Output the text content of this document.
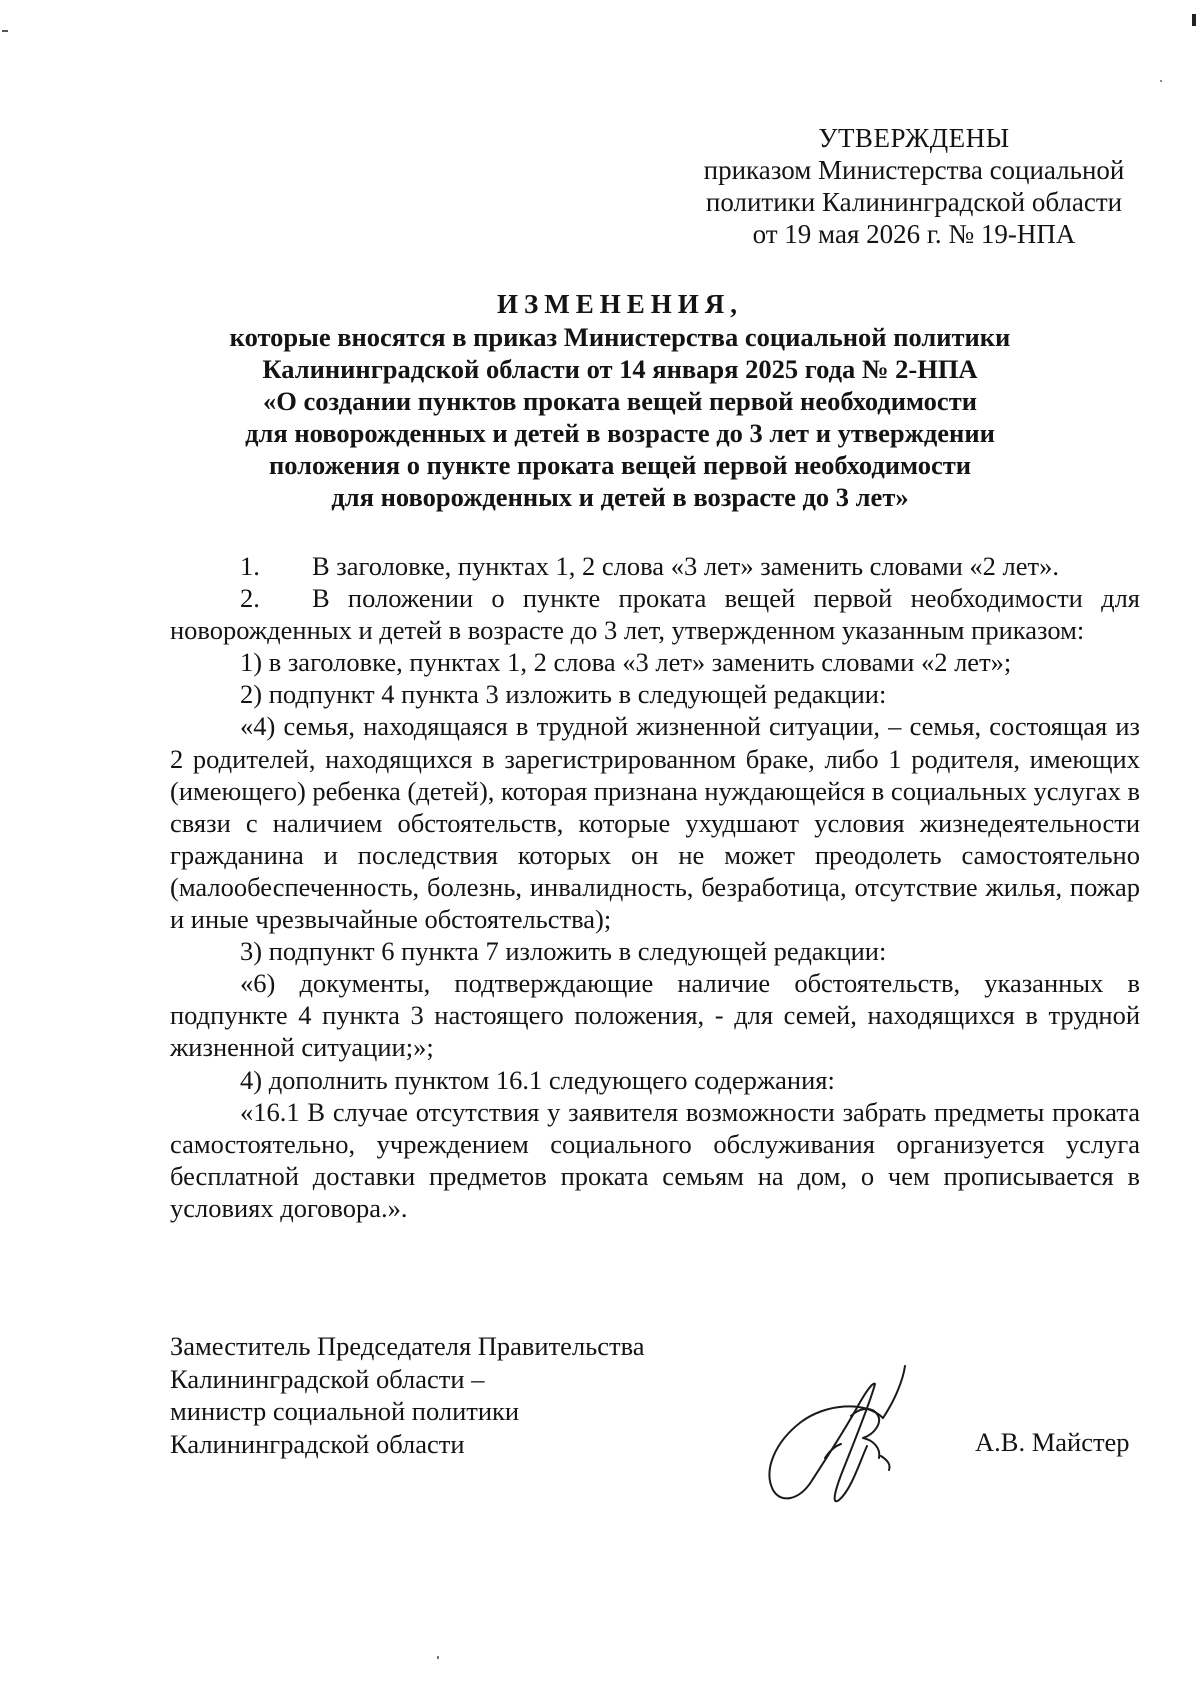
УТВЕРЖДЕНЫ
приказом Министерства социальной
политики Калининградской области
от 19 мая 2026 г. № 19-НПА
ИЗМЕНЕНИЯ,
которые вносятся в приказ Министерства социальной политики
Калининградской области от 14 января 2025 года № 2-НПА
«О создании пунктов проката вещей первой необходимости
для новорожденных и детей в возрасте до 3 лет и утверждении
положения о пункте проката вещей первой необходимости
для новорожденных и детей в возрасте до 3 лет»

1. В заголовке, пунктах 1, 2 слова «3 лет» заменить словами «2 лет».

2. В положении о пункте проката вещей первой необходимости для новорожденных и детей в возрасте до 3 лет, утвержденном указанным приказом:

1) в заголовке, пунктах 1, 2 слова «3 лет» заменить словами «2 лет»;

2) подпункт 4 пункта 3 изложить в следующей редакции:

«4) семья, находящаяся в трудной жизненной ситуации, – семья, состоящая из 2 родителей, находящихся в зарегистрированном браке, либо 1 родителя, имеющих (имеющего) ребенка (детей), которая признана нуждающейся в социальных услугах в связи с наличием обстоятельств, которые ухудшают условия жизнедеятельности гражданина и последствия которых он не может преодолеть самостоятельно (малообеспеченность, болезнь, инвалидность, безработица, отсутствие жилья, пожар и иные чрезвычайные обстоятельства);

3) подпункт 6 пункта 7 изложить в следующей редакции:

«6) документы, подтверждающие наличие обстоятельств, указанных в подпункте 4 пункта 3 настоящего положения, - для семей, находящихся в трудной жизненной ситуации;»;

4) дополнить пунктом 16.1 следующего содержания:

«16.1 В случае отсутствия у заявителя возможности забрать предметы проката самостоятельно, учреждением социального обслуживания организуется услуга бесплатной доставки предметов проката семьям на дом, о чем прописывается в условиях договора.».

Заместитель Председателя Правительства
Калининградской области –
министр социальной политики
Калининградской области	А.В. Майстер
